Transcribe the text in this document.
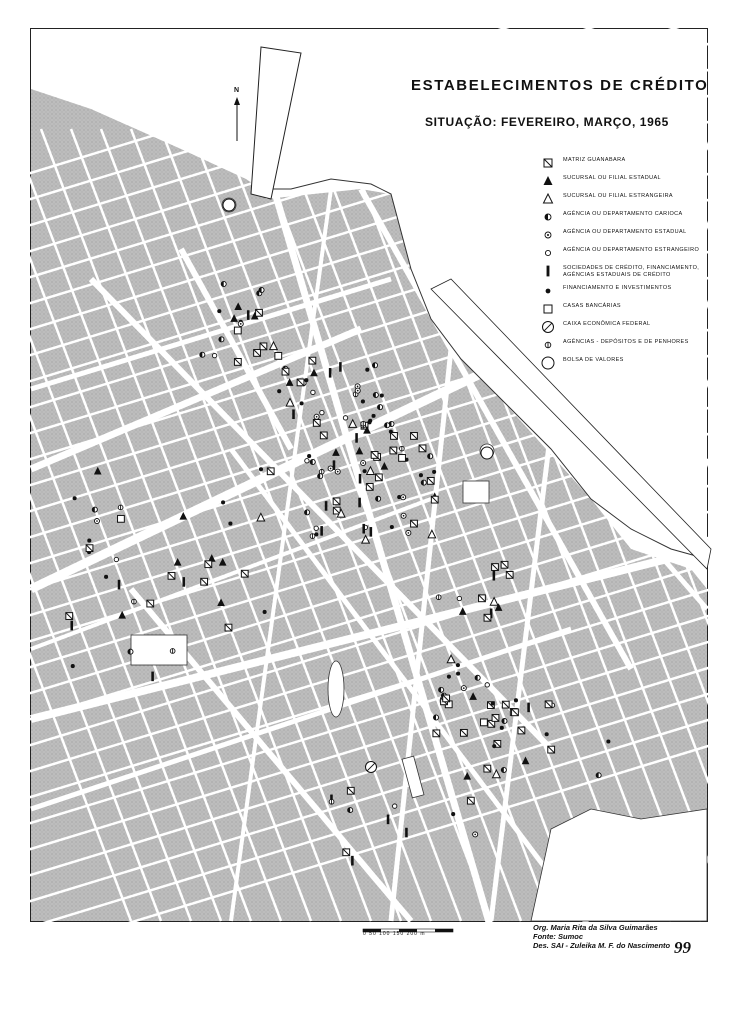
N	ESTABELECIMENTOS DE CRÉDITO
SITUAÇÃO: FEVEREIRO, MARÇO, 1965
MATRIZ GUANABARA
SUCURSAL OU FILIAL ESTADUAL
SUCURSAL OU FILIAL ESTRANGEIRA
AGÊNCIA OU DEPARTAMENTO CARIOCA
AGÊNCIA OU DEPARTAMENTO ESTADUAL
AGÊNCIA OU DEPARTAMENTO ESTRANGEIRO
SOCIEDADES DE CRÉDITO, FINANCIAMENTO, AGÊNCIAS ESTADUAIS DE CRÉDITO
FINANCIAMENTO E INVESTIMENTOS
CASAS BANCÁRIAS
CAIXA ECONÔMICA FEDERAL
AGÊNCIAS - DEPÓSITOS E DE PENHORES
BOLSA DE VALORES
0 50 100 150 200 m
Org. Maria Rita da Silva Guimarães
Fonte: Sumoc
Des. SAI - Zuleika M. F. do Nascimento 99
